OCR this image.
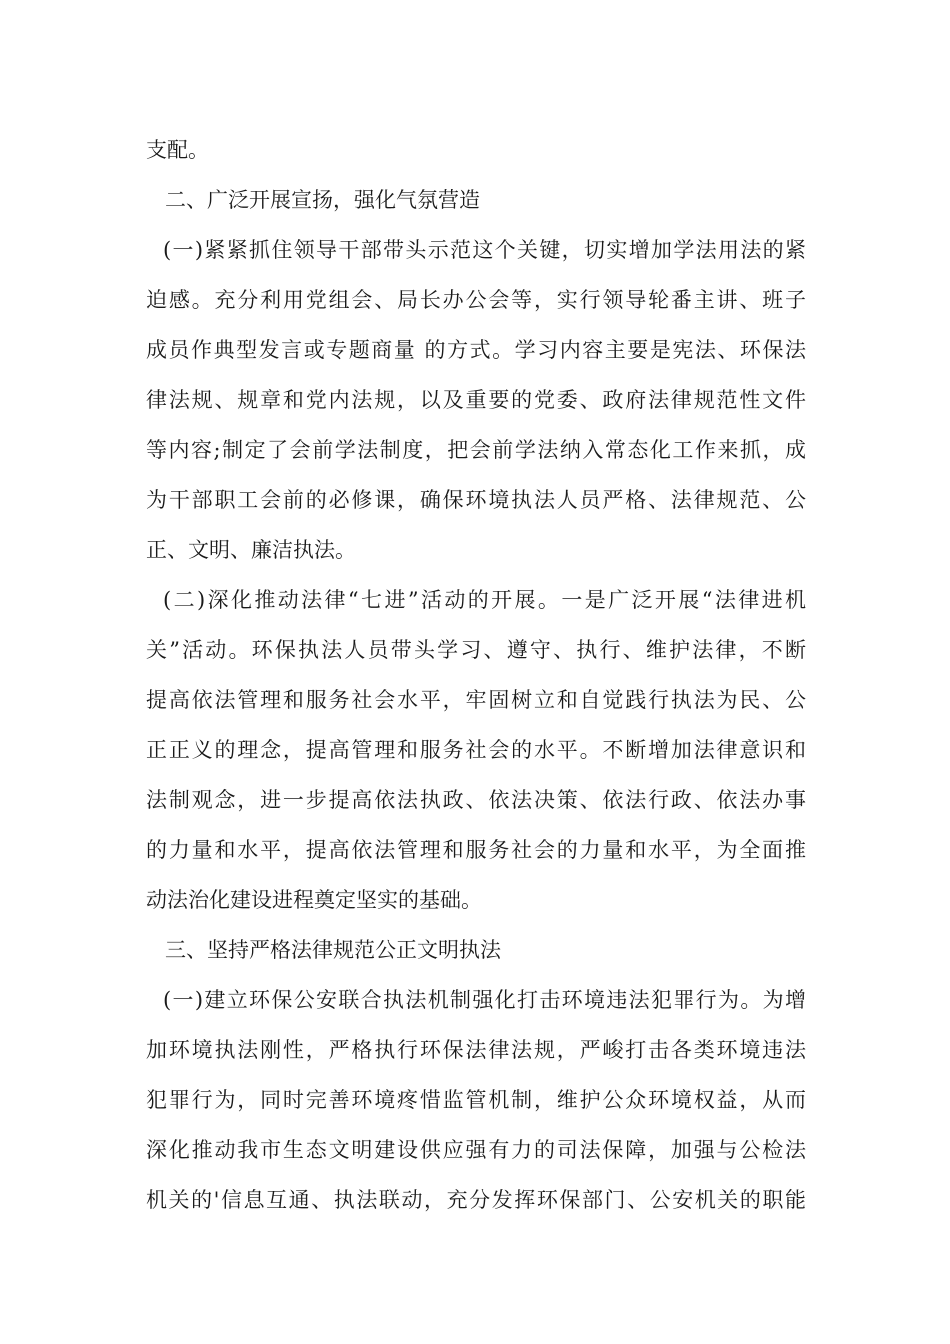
支配。
二、广泛开展宣扬，强化气氛营造
(一)紧紧抓住领导干部带头示范这个关键，切实增加学法用法的紧
迫感。充分利用党组会、局长办公会等，实行领导轮番主讲、班子
成员作典型发言或专题商量 的方式。学习内容主要是宪法、环保法
律法规、规章和党内法规，以及重要的党委、政府法律规范性文件
等内容;制定了会前学法制度，把会前学法纳入常态化工作来抓，成
为干部职工会前的必修课，确保环境执法人员严格、法律规范、公
正、文明、廉洁执法。
(二)深化推动法律“七进”活动的开展。一是广泛开展“法律进机
关”活动。环保执法人员带头学习、遵守、执行、维护法律，不断
提高依法管理和服务社会水平，牢固树立和自觉践行执法为民、公
正正义的理念，提高管理和服务社会的水平。不断增加法律意识和
法制观念，进一步提高依法执政、依法决策、依法行政、依法办事
的力量和水平，提高依法管理和服务社会的力量和水平，为全面推
动法治化建设进程奠定坚实的基础。
三、坚持严格法律规范公正文明执法
(一)建立环保公安联合执法机制强化打击环境违法犯罪行为。为增
加环境执法刚性，严格执行环保法律法规，严峻打击各类环境违法
犯罪行为，同时完善环境疼惜监管机制，维护公众环境权益，从而
深化推动我市生态文明建设供应强有力的司法保障，加强与公检法
机关的'信息互通、执法联动，充分发挥环保部门、公安机关的职能
